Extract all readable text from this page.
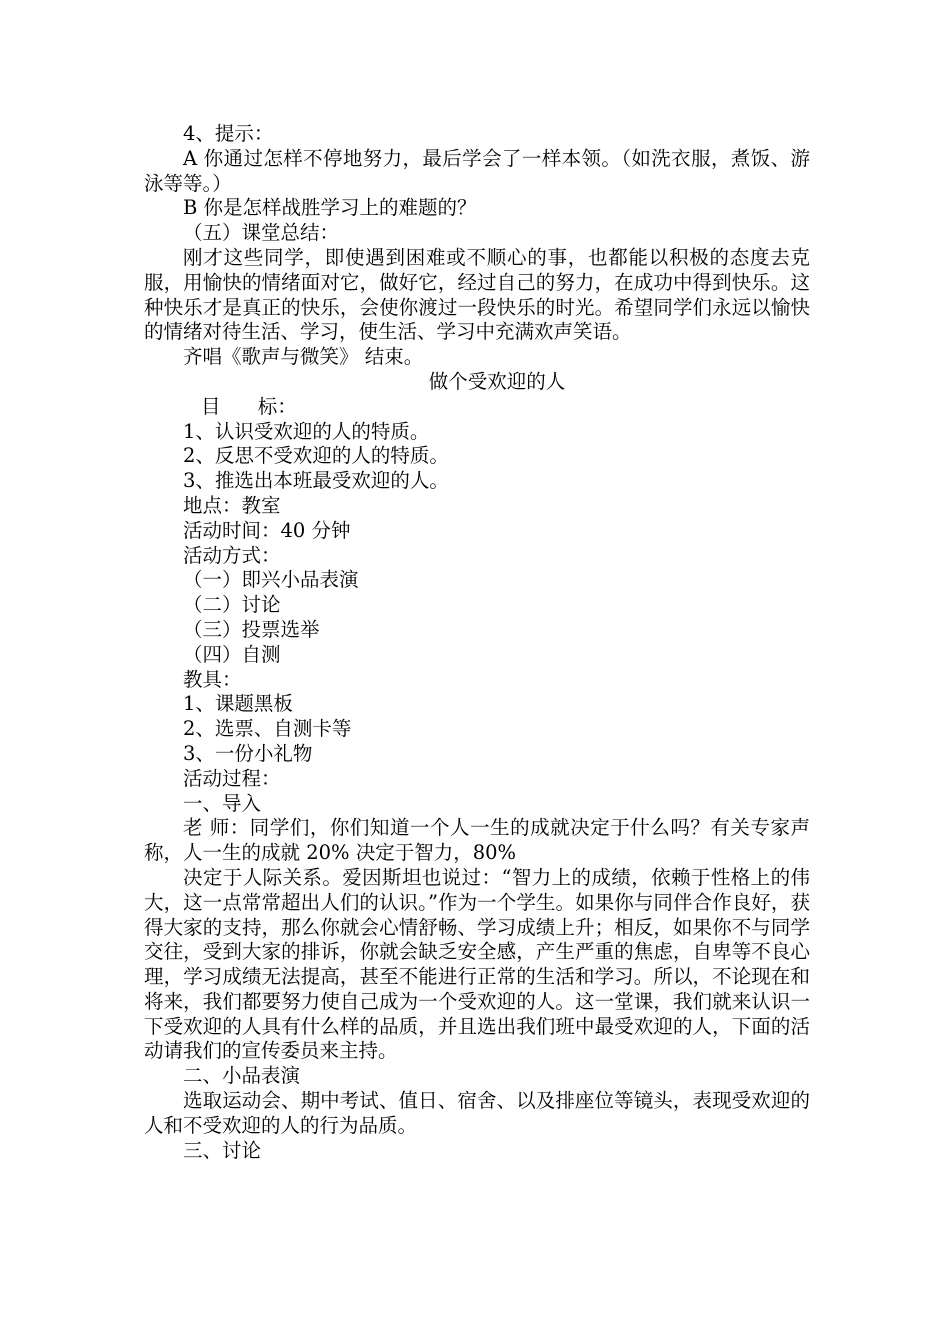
4、提示：

A 你通过怎样不停地努力，最后学会了一样本领。（如洗衣服，煮饭、游泳等等。）

B 你是怎样战胜学习上的难题的？

（五）课堂总结：

刚才这些同学，即使遇到困难或不顺心的事，也都能以积极的态度去克服，用愉快的情绪面对它，做好它，经过自己的努力，在成功中得到快乐。这种快乐才是真正的快乐，会使你渡过一段快乐的时光。希望同学们永远以愉快的情绪对待生活、学习，使生活、学习中充满欢声笑语。

齐唱《歌声与微笑》 结束。

做个受欢迎的人

目      标：

1、认识受欢迎的人的特质。

2、反思不受欢迎的人的特质。

3、推选出本班最受欢迎的人。

地点：教室

活动时间：40 分钟

活动方式：

（一）即兴小品表演

（二）讨论

（三）投票选举

（四）自测

教具：

1、课题黑板

2、选票、自测卡等

3、一份小礼物

活动过程：

一、导入

老 师：同学们，你们知道一个人一生的成就决定于什么吗？有关专家声称，人一生的成就 20% 决定于智力，80%

决定于人际关系。爱因斯坦也说过：“智力上的成绩，依赖于性格上的伟大，这一点常常超出人们的认识。”作为一个学生。如果你与同伴合作良好，获得大家的支持，那么你就会心情舒畅、学习成绩上升；相反，如果你不与同学交往，受到大家的排诉，你就会缺乏安全感，产生严重的焦虑，自卑等不良心理，学习成绩无法提高，甚至不能进行正常的生活和学习。所以，不论现在和将来，我们都要努力使自己成为一个受欢迎的人。这一堂课，我们就来认识一下受欢迎的人具有什么样的品质，并且选出我们班中最受欢迎的人，下面的活动请我们的宣传委员来主持。

二、小品表演

选取运动会、期中考试、值日、宿舍、以及排座位等镜头，表现受欢迎的人和不受欢迎的人的行为品质。

三、讨论
